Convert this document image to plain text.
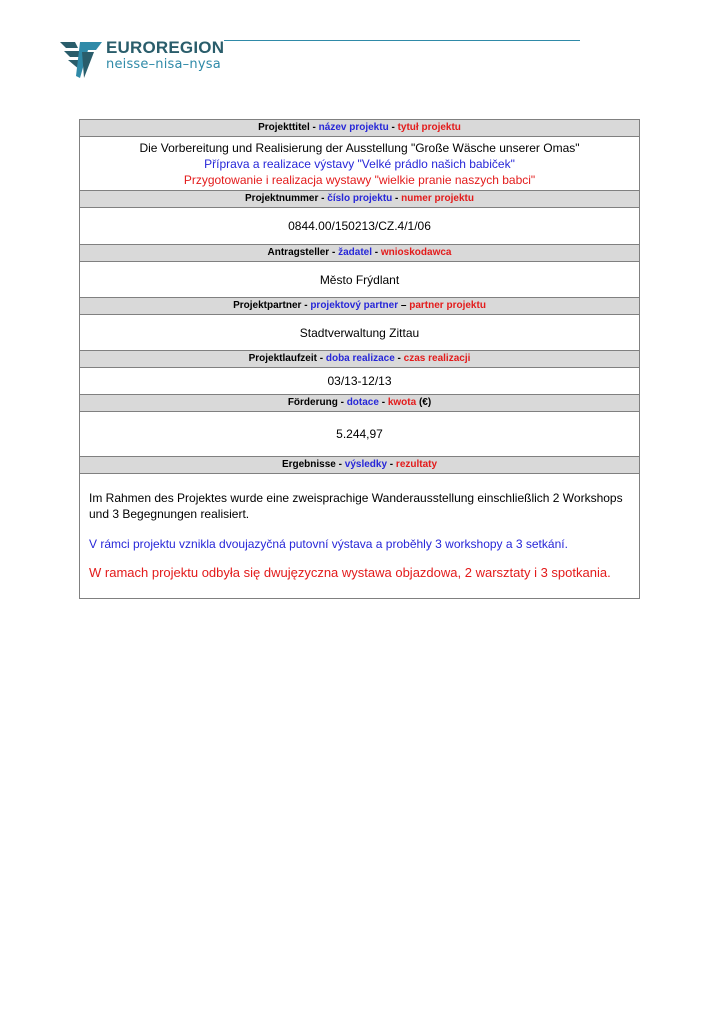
EUROREGION
neisse–nisa–nysa
Projekttitel - název projektu - tytuł projektu
Die Vorbereitung und Realisierung der Ausstellung "Große Wäsche unserer Omas"
Příprava a realizace výstavy "Velké prádlo našich babiček"
Przygotowanie i realizacja wystawy "wielkie pranie naszych babci"
Projektnummer - číslo projektu - numer projektu
0844.00/150213/CZ.4/1/06
Antragsteller - žadatel - wnioskodawca
Město Frýdlant
Projektpartner - projektový partner – partner projektu
Stadtverwaltung Zittau
Projektlaufzeit - doba realizace - czas realizacji
03/13-12/13
Förderung - dotace - kwota (€)
5.244,97
Ergebnisse - výsledky - rezultaty

Im Rahmen des Projektes wurde eine zweisprachige Wanderausstellung einschließlich 2 Workshops und 3 Begegnungen realisiert.

V rámci projektu vznikla dvoujazyčná putovní výstava a proběhly 3 workshopy a 3 setkání.

W ramach projektu odbyła się dwujęzyczna wystawa objazdowa, 2 warsztaty i 3 spotkania.
